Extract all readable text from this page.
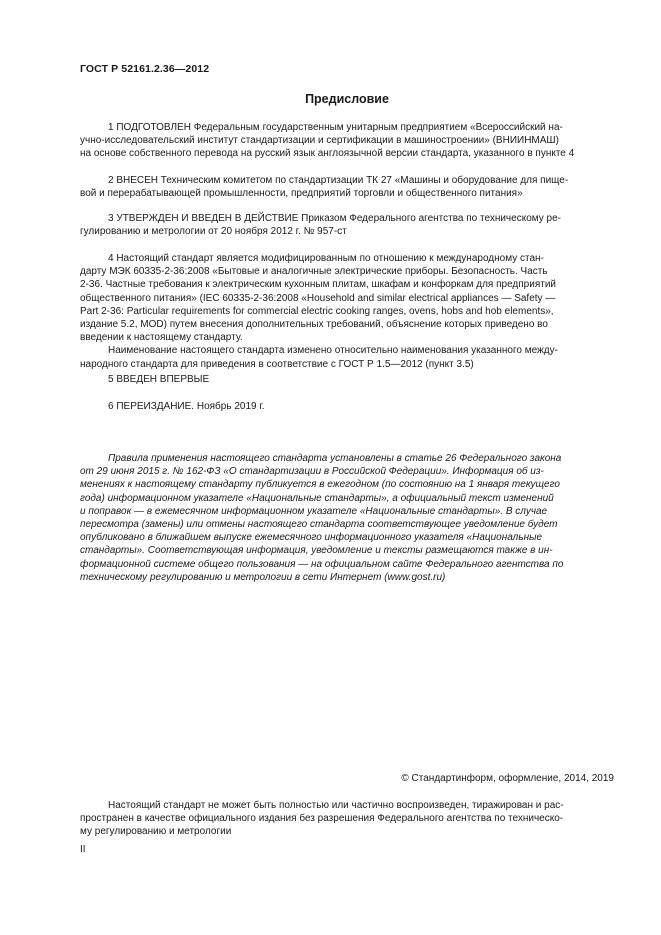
ГОСТ Р 52161.2.36—2012
Предисловие
1 ПОДГОТОВЛЕН Федеральным государственным унитарным предприятием «Всероссийский на-
учно-исследовательский институт стандартизации и сертификации в машиностроении» (ВНИИНМАШ)
на основе собственного перевода на русский язык англоязычной версии стандарта, указанного в пункте 4
2 ВНЕСЕН Техническим комитетом по стандартизации ТК 27 «Машины и оборудование для пище-
вой и перерабатывающей промышленности, предприятий торговли и общественного питания»
3 УТВЕРЖДЕН И ВВЕДЕН В ДЕЙСТВИЕ Приказом Федерального агентства по техническому ре-
гулированию и метрологии от 20 ноября 2012 г. № 957-ст
4 Настоящий стандарт является модифицированным по отношению к международному стан-
дарту МЭК 60335-2-36:2008 «Бытовые и аналогичные электрические приборы. Безопасность. Часть
2-36. Частные требования к электрическим кухонным плитам, шкафам и конфоркам для предприятий
общественного питания» (IEC 60335-2-36:2008 «Household and similar electrical appliances — Safety —
Part 2-36: Particular requirements for commercial electric cooking ranges, ovens, hobs and hob elements»,
издание 5.2, MOD) путем внесения дополнительных требований, объяснение которых приведено во
введении к настоящему стандарту.
Наименование настоящего стандарта изменено относительно наименования указанного между-
народного стандарта для приведения в соответствие с ГОСТ Р 1.5—2012 (пункт 3.5)
5 ВВЕДЕН ВПЕРВЫЕ
6 ПЕРЕИЗДАНИЕ. Ноябрь 2019 г.
Правила применения настоящего стандарта установлены в статье 26 Федерального закона
от 29 июня 2015 г. № 162-ФЗ «О стандартизации в Российской Федерации». Информация об из-
менениях к настоящему стандарту публикуется в ежегодном (по состоянию на 1 января текущего
года) информационном указателе «Национальные стандарты», а официальный текст изменений
и поправок — в ежемесячном информационном указателе «Национальные стандарты». В случае
пересмотра (замены) или отмены настоящего стандарта соответствующее уведомление будет
опубликовано в ближайшем выпуске ежемесячного информационного указателя «Национальные
стандарты». Соответствующая информация, уведомление и тексты размещаются также в ин-
формационной системе общего пользования — на официальном сайте Федерального агентства по
техническому регулированию и метрологии в сети Интернет (www.gost.ru)
© Стандартинформ, оформление, 2014, 2019
Настоящий стандарт не может быть полностью или частично воспроизведен, тиражирован и рас-
пространен в качестве официального издания без разрешения Федерального агентства по техническо-
му регулированию и метрологии
II
